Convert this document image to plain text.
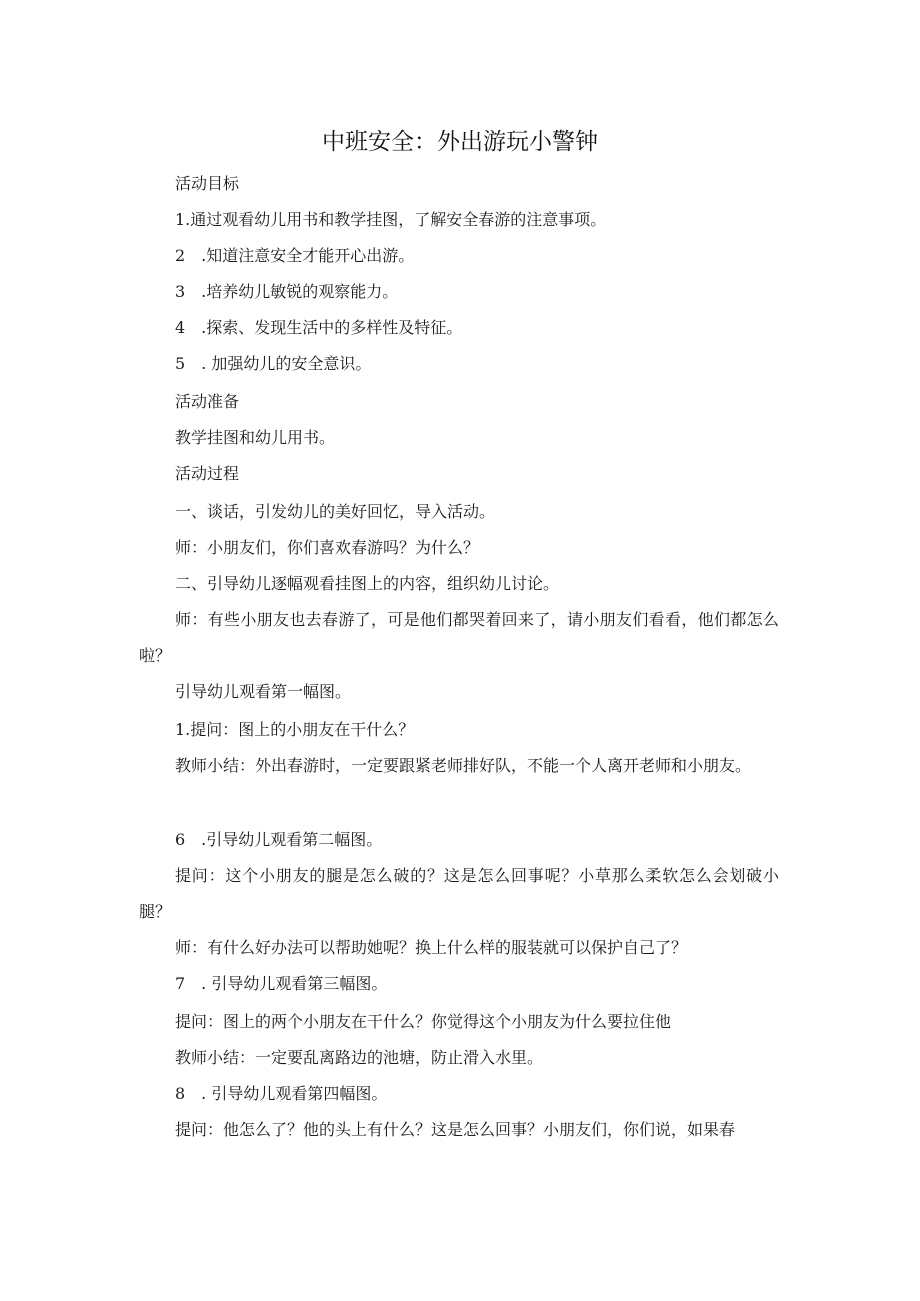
中班安全：外出游玩小警钟

活动目标

1.通过观看幼儿用书和教学挂图，了解安全春游的注意事项。

2　.知道注意安全才能开心出游。

3　.培养幼儿敏锐的观察能力。

4　.探索、发现生活中的多样性及特征。

5　. 加强幼儿的安全意识。

活动准备

教学挂图和幼儿用书。

活动过程

一、谈话，引发幼儿的美好回忆，导入活动。

师：小朋友们，你们喜欢春游吗？为什么？

二、引导幼儿逐幅观看挂图上的内容，组织幼儿讨论。

师：有些小朋友也去春游了，可是他们都哭着回来了，请小朋友们看看，他们都怎么啦？

引导幼儿观看第一幅图。

1.提问：图上的小朋友在干什么？

教师小结：外出春游时，一定要跟紧老师排好队，不能一个人离开老师和小朋友。

6　.引导幼儿观看第二幅图。

提问：这个小朋友的腿是怎么破的？这是怎么回事呢？小草那么柔软怎么会划破小腿？

师：有什么好办法可以帮助她呢？换上什么样的服装就可以保护自己了？

7　. 引导幼儿观看第三幅图。

提问：图上的两个小朋友在干什么？你觉得这个小朋友为什么要拉住他

教师小结：一定要乱离路边的池塘，防止滑入水里。

8　. 引导幼儿观看第四幅图。

提问：他怎么了？他的头上有什么？这是怎么回事？小朋友们，你们说，如果春
